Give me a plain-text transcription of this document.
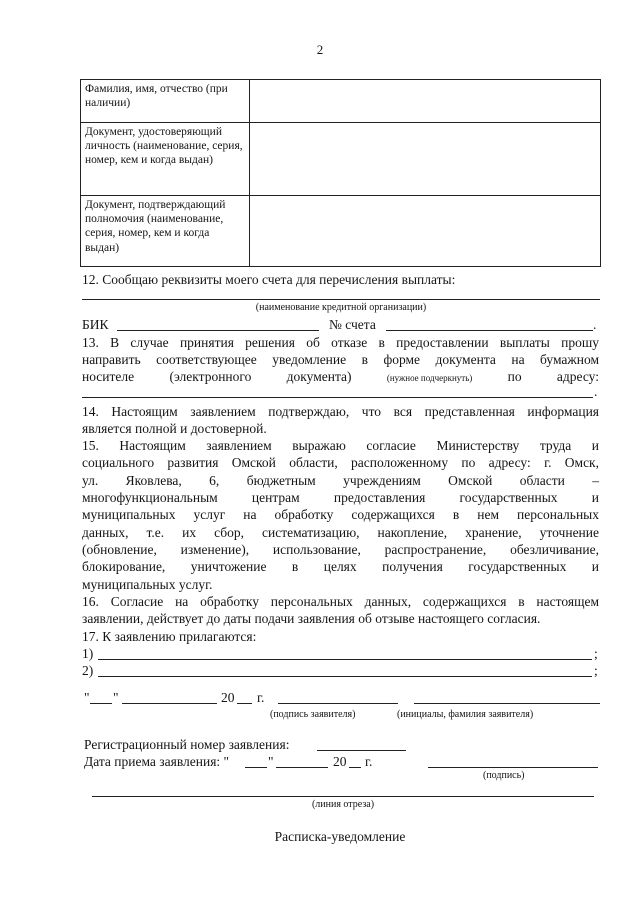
2
Фамилия, имя, отчество (при наличии)	
Документ, удостоверяющий личность (наименование, серия, номер, кем и когда выдан)	
Документ, подтверждающий полномочия (наименование, серия, номер, кем и когда выдан)	
12. Сообщаю реквизиты моего счета для перечисления выплаты:
(наименование кредитной организации)
БИК	№ счета	.
13. В случае принятия решения об отказе в предоставлении выплаты прошу
направить соответствующее уведомление в форме документа на бумажном
носителе	(электронного	документа)	(нужное подчеркнуть)	по	адресу:
.
14. Настоящим заявлением подтверждаю, что вся представленная информация
является полной и достоверной.
15. Настоящим заявлением выражаю согласие Министерству труда и
социального развития Омской области, расположенному по адресу: г. Омск,
ул. Яковлева, 6, бюджетным учреждениям Омской области –
многофункциональным центрам предоставления государственных и
муниципальных услуг на обработку содержащихся в нем персональных
данных, т.е. их сбор, систематизацию, накопление, хранение, уточнение
(обновление, изменение), использование, распространение, обезличивание,
блокирование, уничтожение в целях получения государственных и
муниципальных услуг.
16. Согласие на обработку персональных данных, содержащихся в настоящем
заявлении, действует до даты подачи заявления об отзыве настоящего согласия.
17. К заявлению прилагаются:
1)	;
2)	;
" "	20 г.
(подпись заявителя)	(инициалы, фамилия заявителя)
Регистрационный номер заявления:
Дата приема заявления: "	"	20 г.
(подпись)
(линия отреза)
Расписка-уведомление
